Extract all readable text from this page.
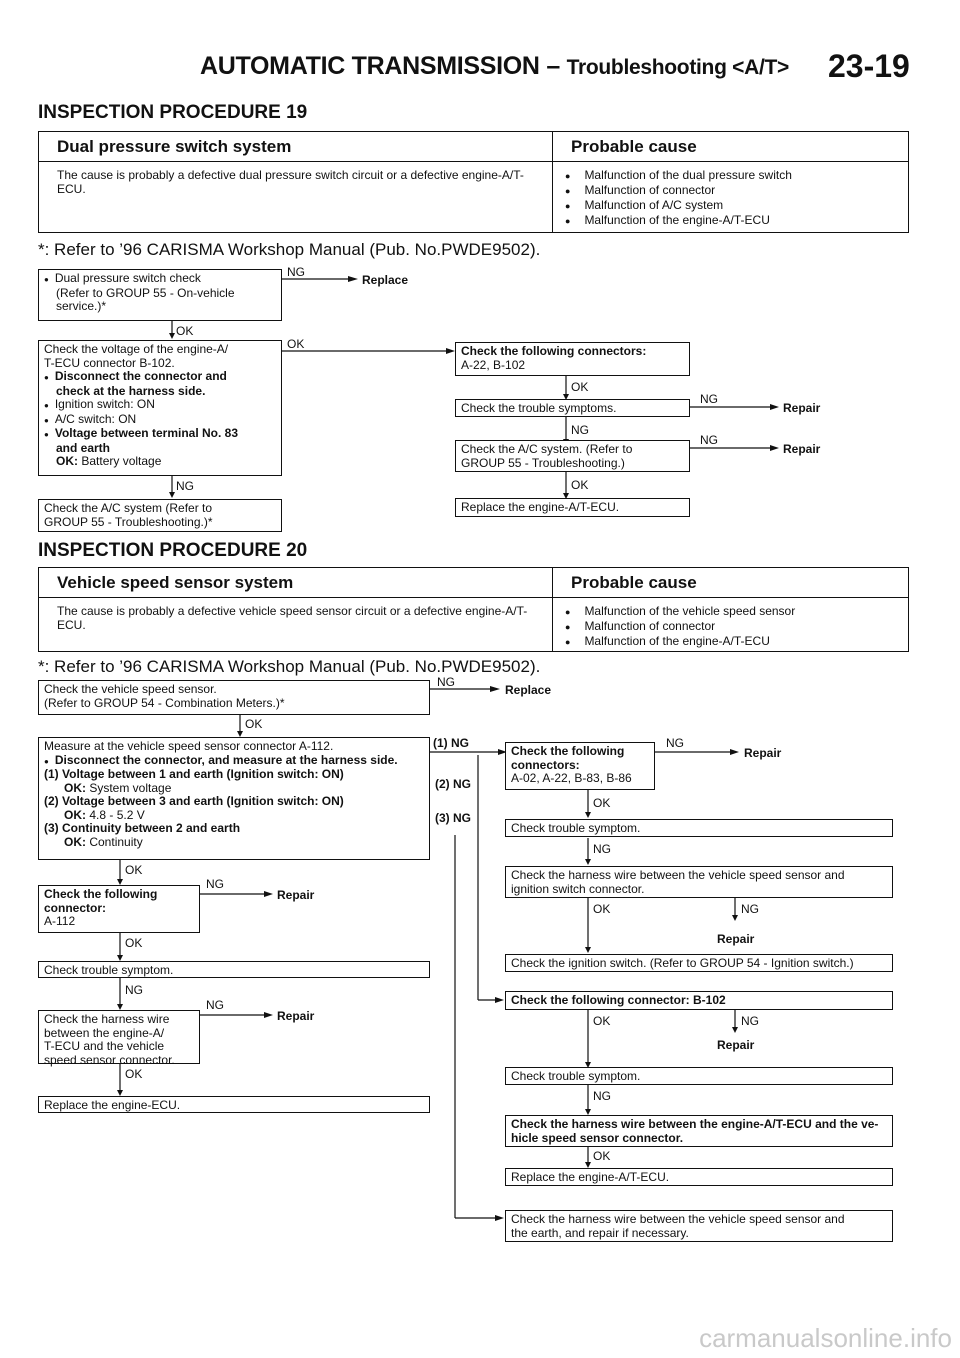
AUTOMATIC TRANSMISSION – Troubleshooting <A/T> 23-19
INSPECTION PROCEDURE 19
Dual pressure switch system	Probable cause
The cause is probably a defective dual pressure switch circuit or a defective engine-A/T-ECU.
● Malfunction of the dual pressure switch
● Malfunction of connector
● Malfunction of A/C system
● Malfunction of the engine-A/T-ECU
*: Refer to ’96 CARISMA Workshop Manual (Pub. No.PWDE9502).
● Dual pressure switch check
(Refer to GROUP 55 - On-vehicle
service.)*
NG
Replace
OK
OK
Check the voltage of the engine-A/
T-ECU connector B-102.
● Disconnect the connector and
check at the harness side.
● Ignition switch: ON
● A/C switch: ON
● Voltage between terminal No. 83
and earth
OK: Battery voltage
NG
Check the A/C system (Refer to
GROUP 55 - Troubleshooting.)*
Check the following connectors:
A-22, B-102
OK
Check the trouble symptoms.
NG
Repair
NG
Check the A/C system. (Refer to
GROUP 55 - Troubleshooting.)
NG
Repair
OK
Replace the engine-A/T-ECU.
INSPECTION PROCEDURE 20
Vehicle speed sensor system	Probable cause
The cause is probably a defective vehicle speed sensor circuit or a defective engine-A/T-ECU.
● Malfunction of the vehicle speed sensor
● Malfunction of connector
● Malfunction of the engine-A/T-ECU
*: Refer to ’96 CARISMA Workshop Manual (Pub. No.PWDE9502).
Check the vehicle speed sensor.
(Refer to GROUP 54 - Combination Meters.)*
NG
Replace
OK
Measure at the vehicle speed sensor connector A-112.
● Disconnect the connector, and measure at the harness side.
(1) Voltage between 1 and earth (Ignition switch: ON)
OK: System voltage
(2) Voltage between 3 and earth (Ignition switch: ON)
OK: 4.8 - 5.2 V
(3) Continuity between 2 and earth
OK: Continuity
(1) NG
(2) NG
(3) NG
OK
Check the following
connector:
A-112
NG
Repair
OK
Check trouble symptom.
NG
NG
Repair
Check the harness wire
between the engine-A/
T-ECU and the vehicle
speed sensor connector.
OK
Replace the engine-ECU.
Check the following
connectors:
A-02, A-22, B-83, B-86
NG
Repair
OK
Check trouble symptom.
NG
Check the harness wire between the vehicle speed sensor and
ignition switch connector.
OK	NG
Repair
Check the ignition switch. (Refer to GROUP 54 - Ignition switch.)
Check the following connector: B-102
OK	NG
Repair
Check trouble symptom.
NG
Check the harness wire between the engine-A/T-ECU and the ve-
hicle speed sensor connector.
OK
Replace the engine-A/T-ECU.
Check the harness wire between the vehicle speed sensor and
the earth, and repair if necessary.
carmanualsonline.info
